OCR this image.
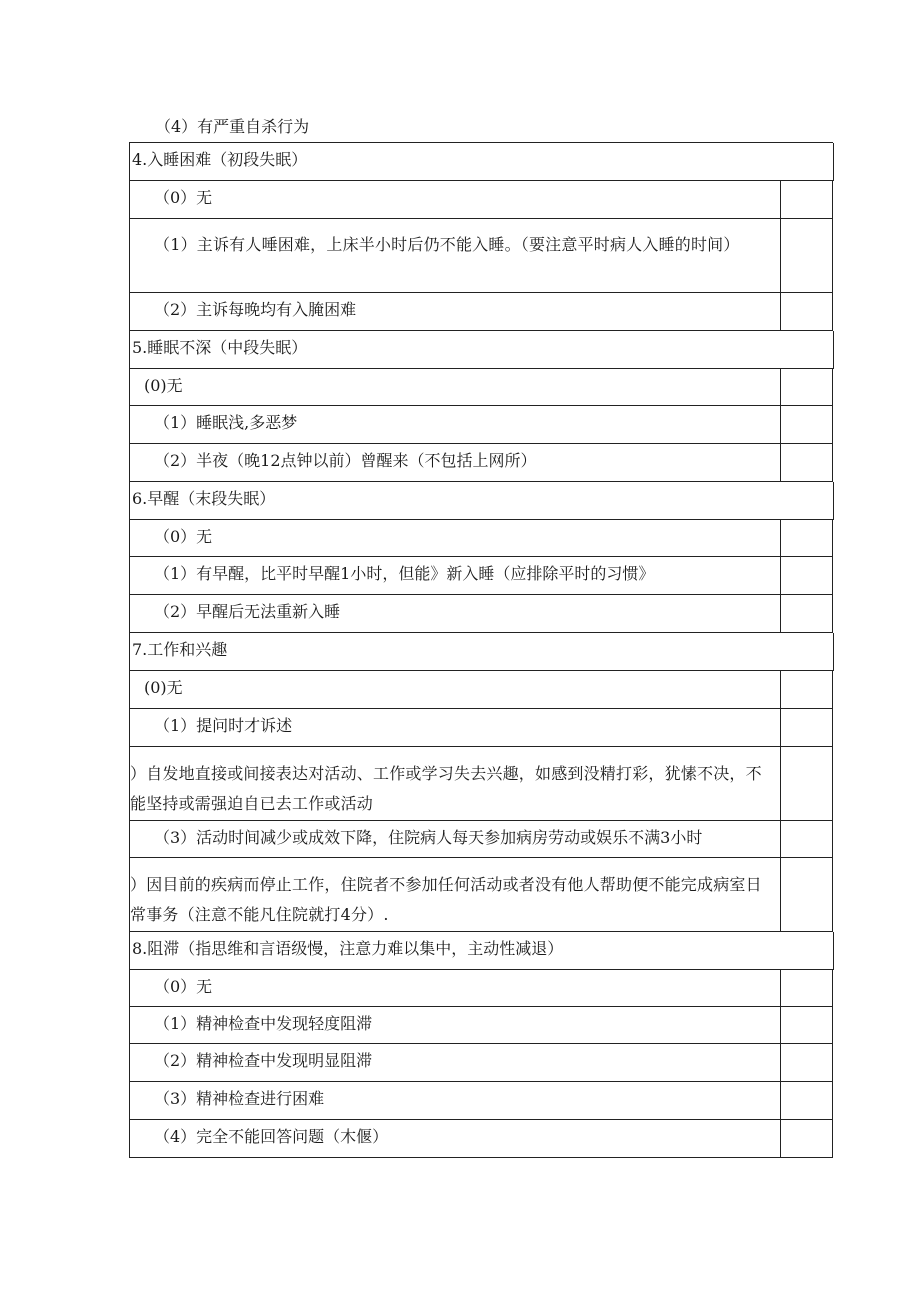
（4）有严重自杀行为
4.入睡困难（初段失眠）
（0）无
（1）主诉有人唾困难，上床半小时后仍不能入睡。（要注意平时病人入睡的时间）
（2）主诉每晚均有入腌困难
5.睡眠不深（中段失眠）
(0)无
（1）睡眠浅,多恶梦
（2）半夜（晚12点钟以前）曾醒来（不包括上网所）
6.早醒（末段失眠）
（0）无
（1）有早醒，比平时早醒1小时，但能》新入睡（应排除平时的习惯》
（2）早醒后无法重新入睡
7.工作和兴趣
(0)无
（1）提问时才诉述
）自发地直接或间接表达对活动、工作或学习失去兴趣，如感到没精打彩，犹愫不决，不能坚持或需强迫自已去工作或活动
（3）活动时间减少或成效下降，住院病人每天参加病房劳动或娱乐不满3小时
）因目前的疾病而停止工作，住院者不参加任何活动或者没有他人帮助便不能完成病室日常事务（注意不能凡住院就打4分）.
8.阻滞（指思维和言语级慢，注意力难以集中，主动性减退）
（0）无
（1）精神检查中发现轻度阻滞
（2）精神检查中发现明显阻滞
（3）精神检查进行困难
（4）完全不能回答问题（木偃）
